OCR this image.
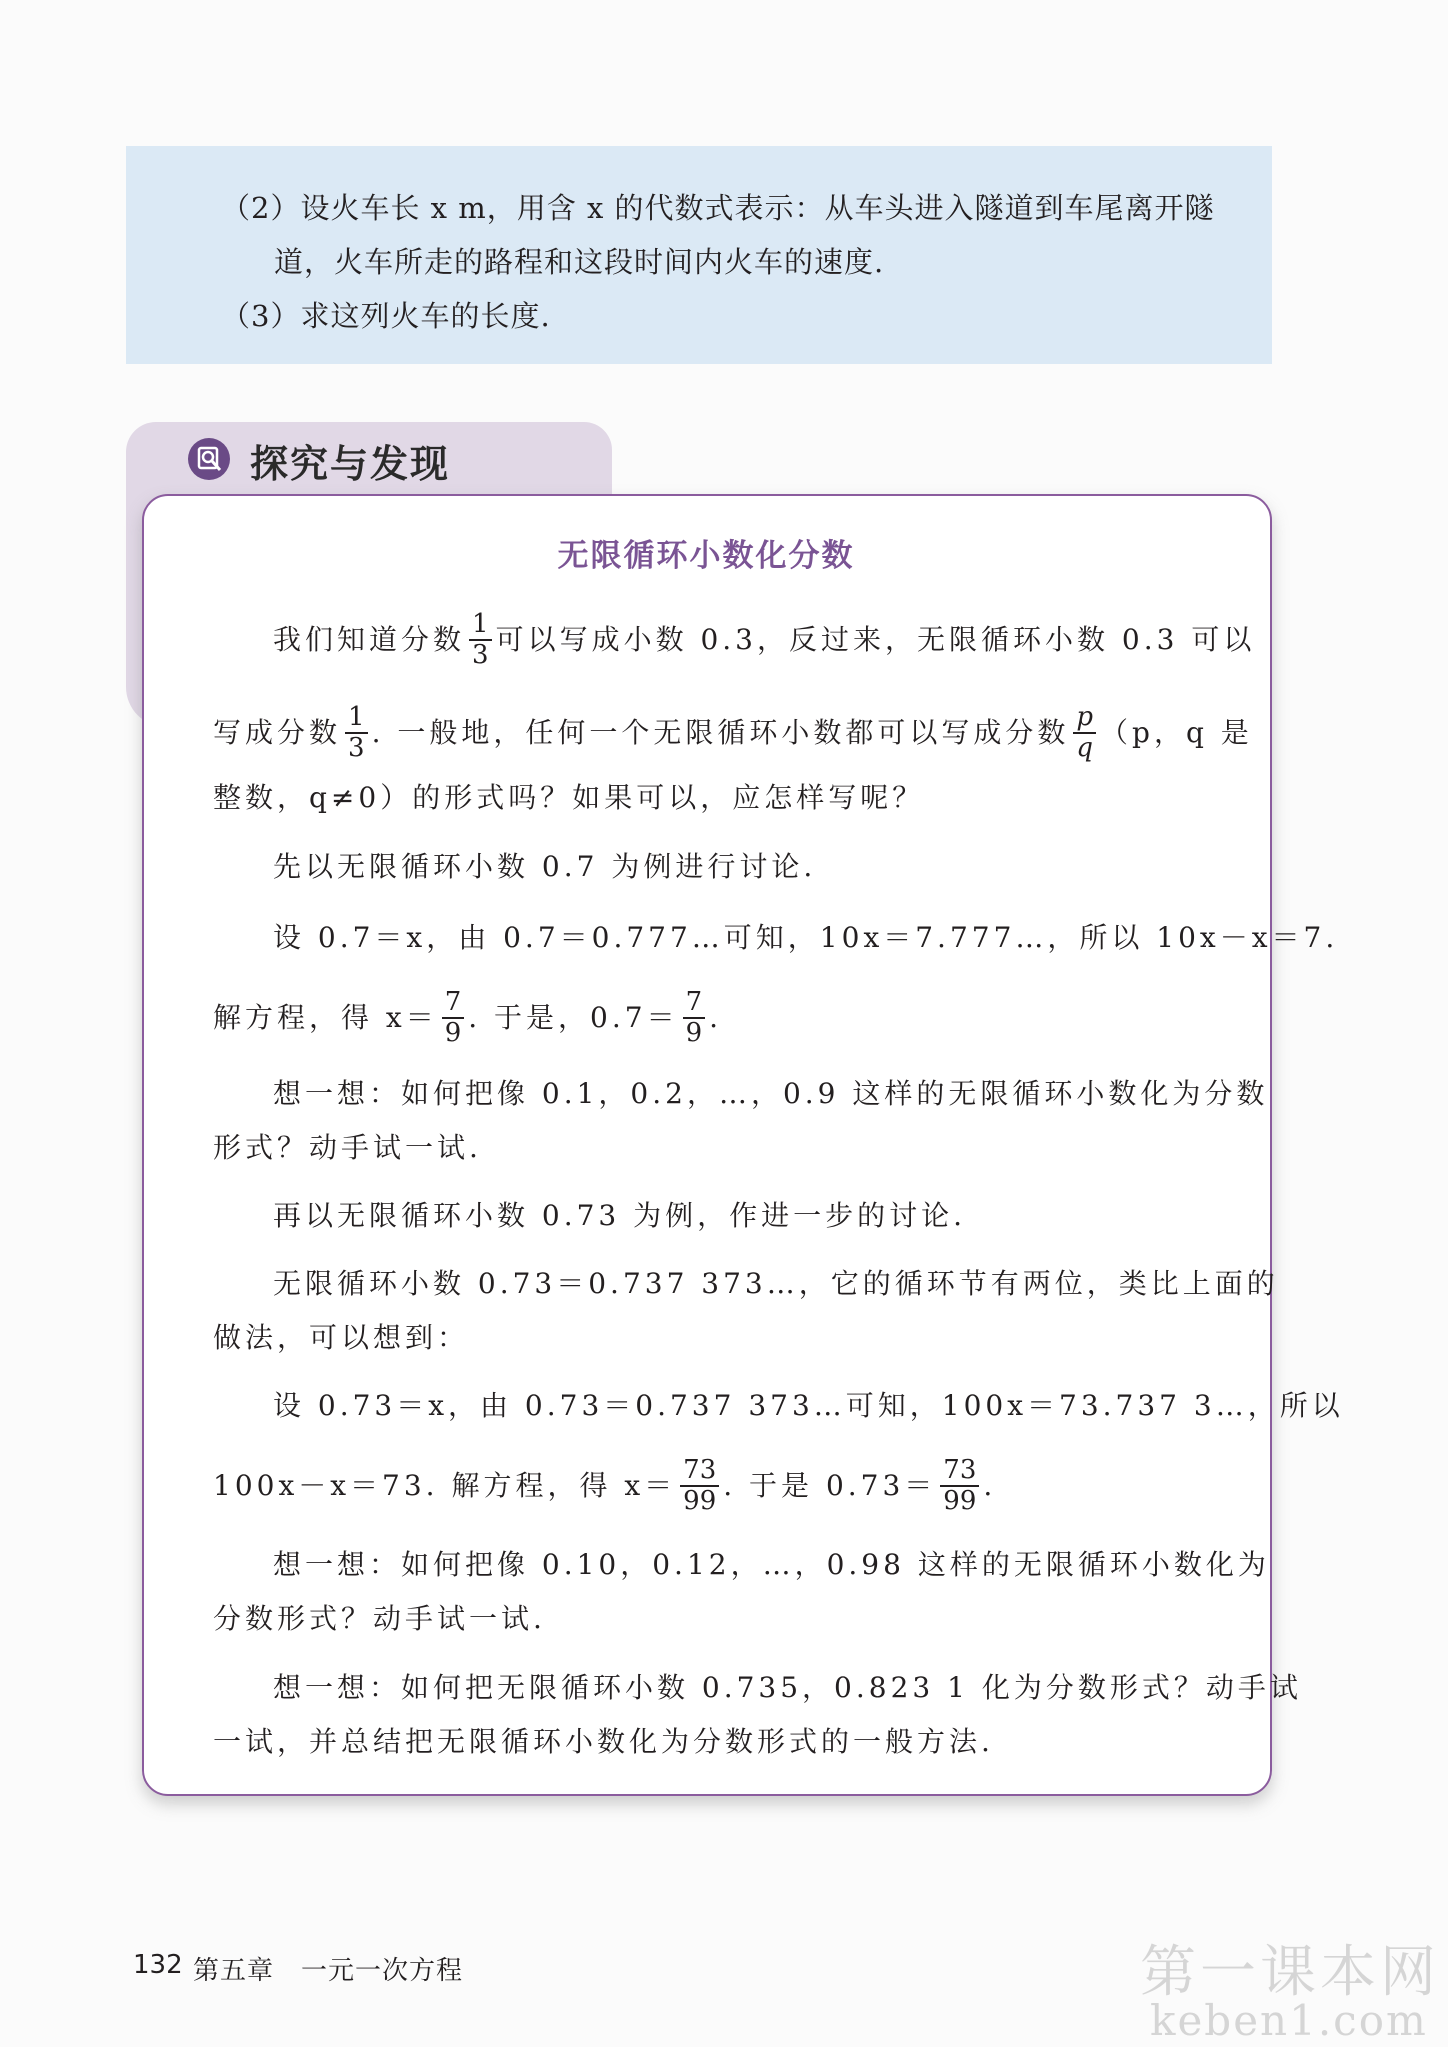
（2）设火车长 x m，用含 x 的代数式表示：从车头进入隧道到车尾离开隧
道，火车所走的路程和这段时间内火车的速度.
（3）求这列火车的长度.
探究与发现
无限循环小数化分数
我们知道分数 $\frac{1}{3}$ 可以写成小数 0.3，反过来，无限循环小数 0.3 可以
写成分数 $\frac{1}{3}$ . 一般地，任何一个无限循环小数都可以写成分数 $\frac{p}{q} (p$，q 是
整数，q≠0）的形式吗？如果可以，应怎样写呢？
先以无限循环小数 0.7 为例进行讨论.
设 0.7＝x，由 0.7＝0.777…可知，10x＝7.777…，所以 10x－x＝7.
解方程，得 $x= \frac{7}{9}$ . 于是，$0.7= \frac{7}{9}$ .
想一想：如何把像 0.1，0.2，…，0.9 这样的无限循环小数化为分数
形式？动手试一试.
再以无限循环小数 0.73 为例，作进一步的讨论.
无限循环小数 0.73＝0.737 373…，它的循环节有两位，类比上面的
做法，可以想到：
设 0.73＝x，由 0.73＝0.737 373…可知，100x＝73.737 3…，所以
100x－x＝73. 解方程，得 $x= \frac{73}{99}$ . 于是 $0.73= \frac{73}{99}$ .
想一想：如何把像 0.10，0.12，…，0.98 这样的无限循环小数化为
分数形式？动手试一试.
想一想：如何把无限循环小数 0.735，0.823 1 化为分数形式？动手试
一试，并总结把无限循环小数化为分数形式的一般方法.
132 第五章　一元一次方程	第一课本网
keben1.com
